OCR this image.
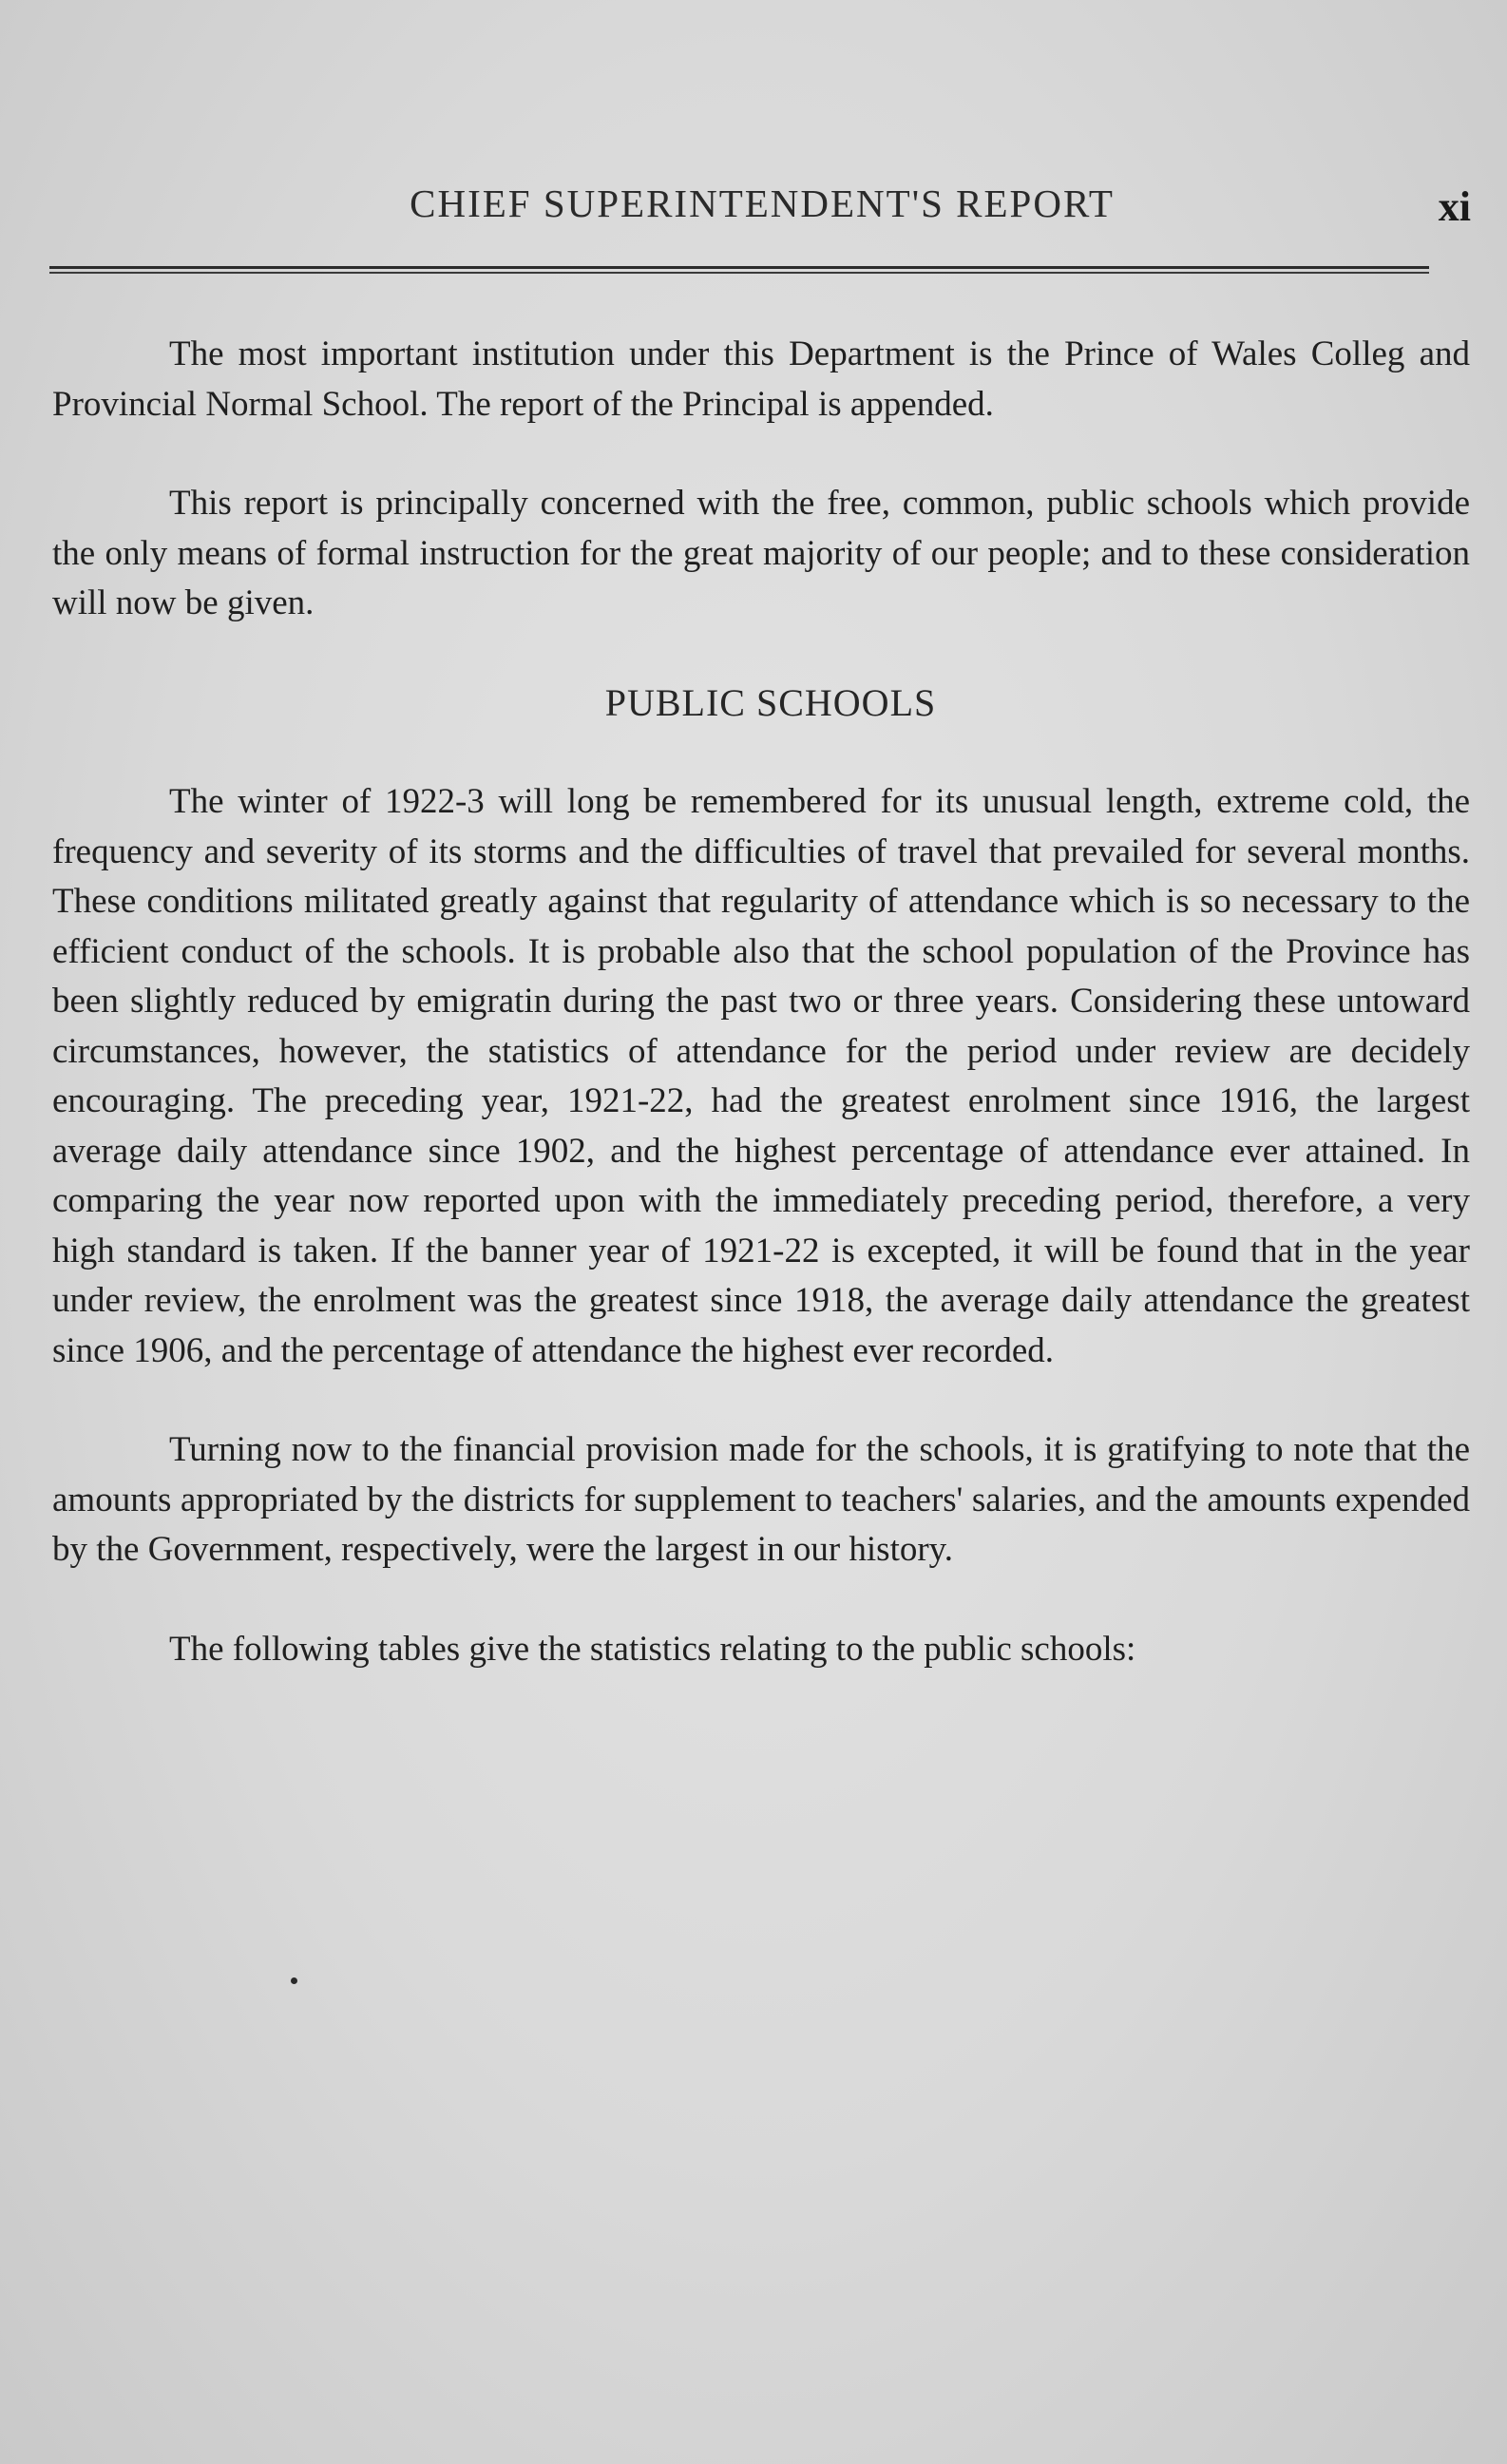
CHIEF SUPERINTENDENT'S REPORT	xi

The most important institution under this Department is the Prince of Wales Colleg and Provincial Normal School. The report of the Principal is appended.

This report is principally concerned with the free, common, public schools which provide the only means of formal instruction for the great majority of our people; and to these consideration will now be given.

PUBLIC SCHOOLS

The winter of 1922-3 will long be remembered for its unusual length, extreme cold, the frequency and severity of its storms and the difficulties of travel that prevailed for several months. These conditions militated greatly against that regularity of attendance which is so necessary to the efficient conduct of the schools. It is probable also that the school population of the Province has been slightly reduced by emigratin during the past two or three years. Considering these untoward circumstances, however, the statistics of attendance for the period under review are decidely encouraging. The preceding year, 1921-22, had the greatest enrolment since 1916, the largest average daily attendance since 1902, and the highest percentage of attendance ever attained. In comparing the year now reported upon with the immediately preceding period, therefore, a very high standard is taken. If the banner year of 1921-22 is excepted, it will be found that in the year under review, the enrolment was the greatest since 1918, the average daily attendance the greatest since 1906, and the percentage of attendance the highest ever recorded.

Turning now to the financial provision made for the schools, it is gratifying to note that the amounts appropriated by the districts for supplement to teachers' salaries, and the amounts expended by the Government, respectively, were the largest in our history.

The following tables give the statistics relating to the public schools:
